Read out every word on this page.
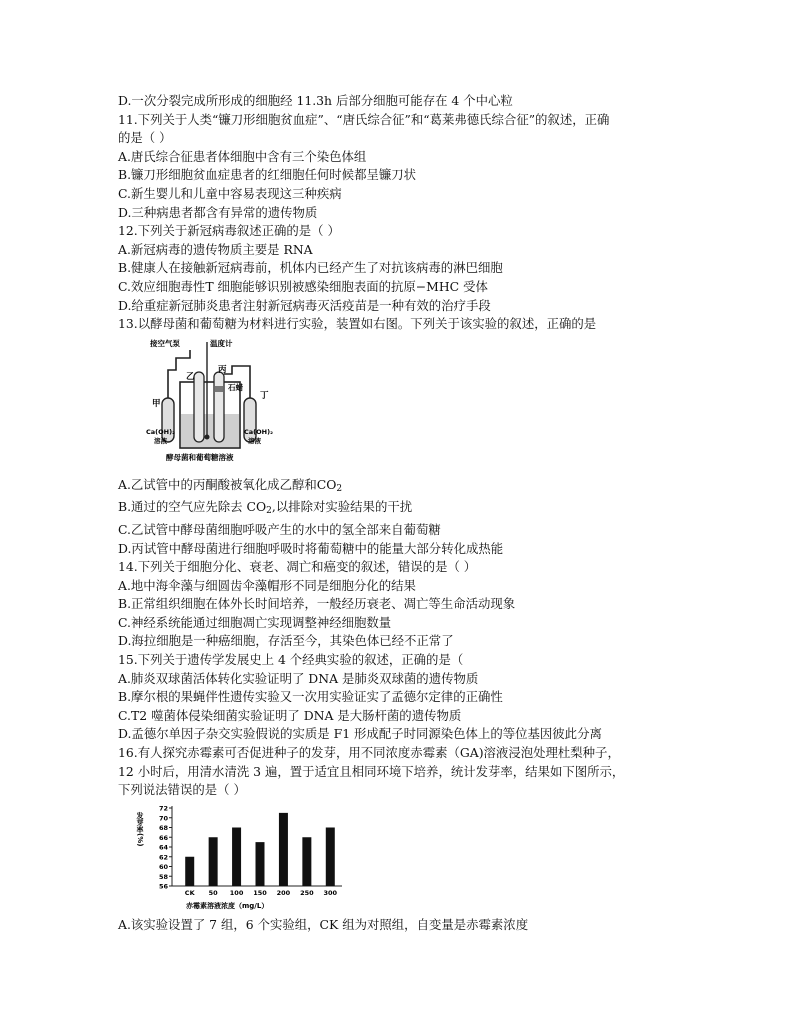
D.一次分裂完成所形成的细胞经 11.3h 后部分细胞可能存在 4 个中心粒
11.下列关于人类“镰刀形细胞贫血症”、“唐氏综合征”和“葛莱弗德氏综合征”的叙述，正确
的是（ ）
A.唐氏综合征患者体细胞中含有三个染色体组
B.镰刀形细胞贫血症患者的红细胞任何时候都呈镰刀状
C.新生婴儿和儿童中容易表现这三种疾病
D.三种病患者都含有异常的遗传物质
12.下列关于新冠病毒叙述正确的是（ ）
A.新冠病毒的遗传物质主要是 RNA
B.健康人在接触新冠病毒前，机体内已经产生了对抗该病毒的淋巴细胞
C.效应细胞毒性T 细胞能够识别被感染细胞表面的抗原−MHC 受体
D.给重症新冠肺炎患者注射新冠病毒灭活疫苗是一种有效的治疗手段
13.以酵母菌和葡萄糖为材料进行实验，装置如右图。下列关于该实验的叙述，正确的是
接空气泵	温度计
乙
丙
甲
丁
石蜡
Ca(OH)₂
溶液
Ca(OH)₂
溶液
酵母菌和葡萄糖溶液
A.乙试管中的丙酮酸被氧化成乙醇和$CO_2$
B.通过的空气应先除去 $CO_2$,以排除对实验结果的干扰
C.乙试管中酵母菌细胞呼吸产生的水中的氢全部来自葡萄糖
D.丙试管中酵母菌进行细胞呼吸时将葡萄糖中的能量大部分转化成热能
14.下列关于细胞分化、衰老、凋亡和癌变的叙述，错误的是（ ）
A.地中海伞藻与细圆齿伞藻帽形不同是细胞分化的结果
B.正常组织细胞在体外长时间培养，一般经历衰老、凋亡等生命活动现象
C.神经系统能通过细胞凋亡实现调整神经细胞数量
D.海拉细胞是一种癌细胞，存活至今，其染色体已经不正常了
15.下列关于遗传学发展史上 4 个经典实验的叙述，正确的是（
A.肺炎双球菌活体转化实验证明了 DNA 是肺炎双球菌的遗传物质
B.摩尔根的果蝇伴性遗传实验又一次用实验证实了孟德尔定律的正确性
C.T2 噬菌体侵染细菌实验证明了 DNA 是大肠杆菌的遗传物质
D.孟德尔单因子杂交实验假说的实质是 F1 形成配子时同源染色体上的等位基因彼此分离
16.有人探究赤霉素可否促进种子的发芽，用不同浓度赤霉素（GA)溶液浸泡处理杜梨种子，
12 小时后，用清水清洗 3 遍，置于适宜且相同环境下培养，统计发芽率，结果如下图所示，
下列说法错误的是（ ）
56
58
60
62
64
66
68
70
72
发芽率(%)
CK 50 100 150 200 250 300
赤霉素溶液浓度（mg/L）
A.该实验设置了 7 组，6 个实验组，CK 组为对照组，自变量是赤霉素浓度
